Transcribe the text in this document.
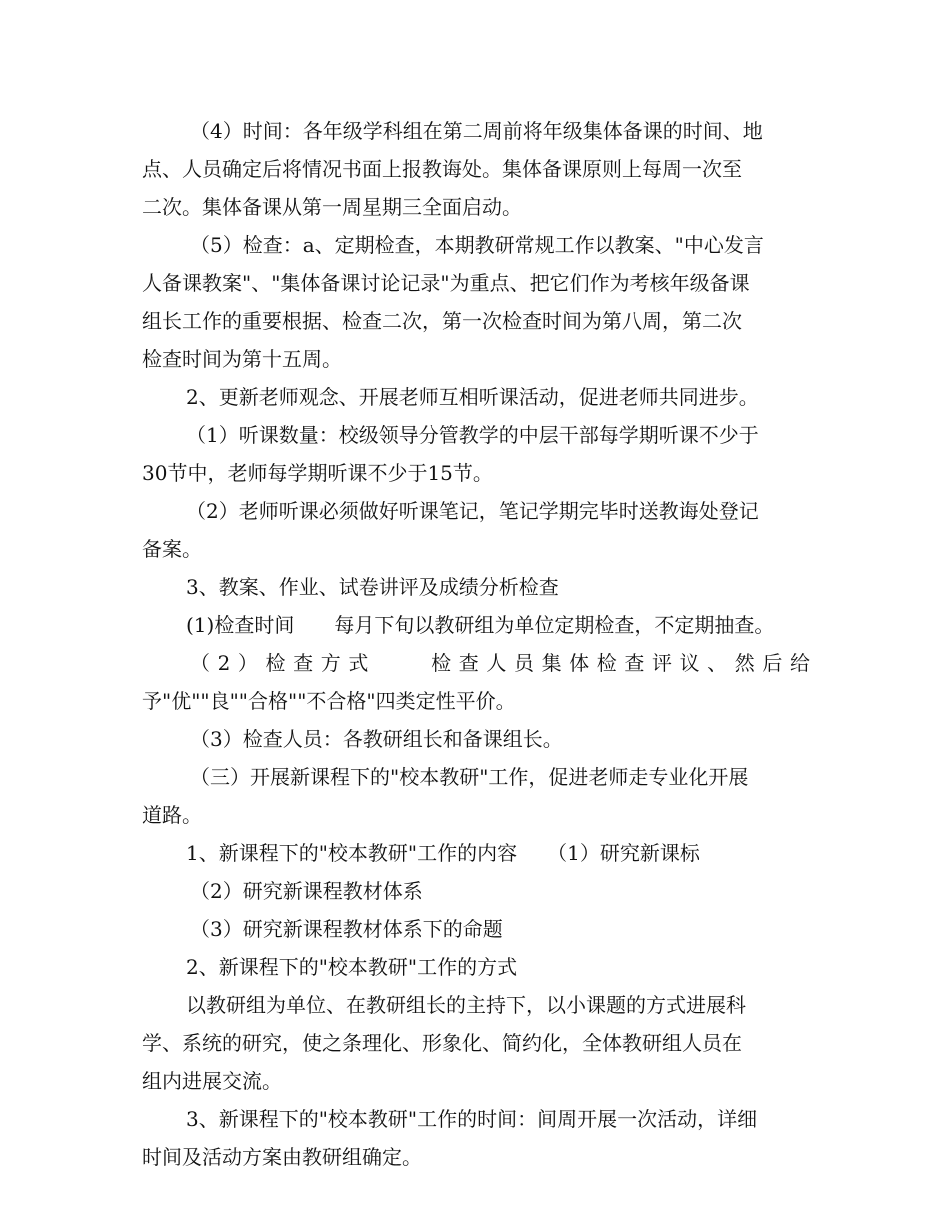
（4）时间：各年级学科组在第二周前将年级集体备课的时间、地
点、人员确定后将情况书面上报教诲处。集体备课原则上每周一次至
二次。集体备课从第一周星期三全面启动。
（5）检查：a、定期检查，本期教研常规工作以教案、"中心发言
人备课教案"、"集体备课讨论记录"为重点、把它们作为考核年级备课
组长工作的重要根据、检查二次，第一次检查时间为第八周，第二次
检查时间为第十五周。
2、更新老师观念、开展老师互相听课活动，促进老师共同进步。
（1）听课数量：校级领导分管教学的中层干部每学期听课不少于
30节中，老师每学期听课不少于15节。
（2）老师听课必须做好听课笔记，笔记学期完毕时送教诲处登记
备案。
3、教案、作业、试卷讲评及成绩分析检查
(1)检查时间　　每月下旬以教研组为单位定期检查，不定期抽查。
（2）检查方式　　检查人员集体检查评议、然后给
予"优""良""合格""不合格"四类定性平价。
（3）检查人员：各教研组长和备课组长。
（三）开展新课程下的"校本教研"工作，促进老师走专业化开展
道路。
1、新课程下的"校本教研"工作的内容　　（1）研究新课标
（2）研究新课程教材体系
（3）研究新课程教材体系下的命题
2、新课程下的"校本教研"工作的方式
以教研组为单位、在教研组长的主持下，以小课题的方式进展科
学、系统的研究，使之条理化、形象化、简约化，全体教研组人员在
组内进展交流。
3、新课程下的"校本教研"工作的时间：间周开展一次活动，详细
时间及活动方案由教研组确定。
